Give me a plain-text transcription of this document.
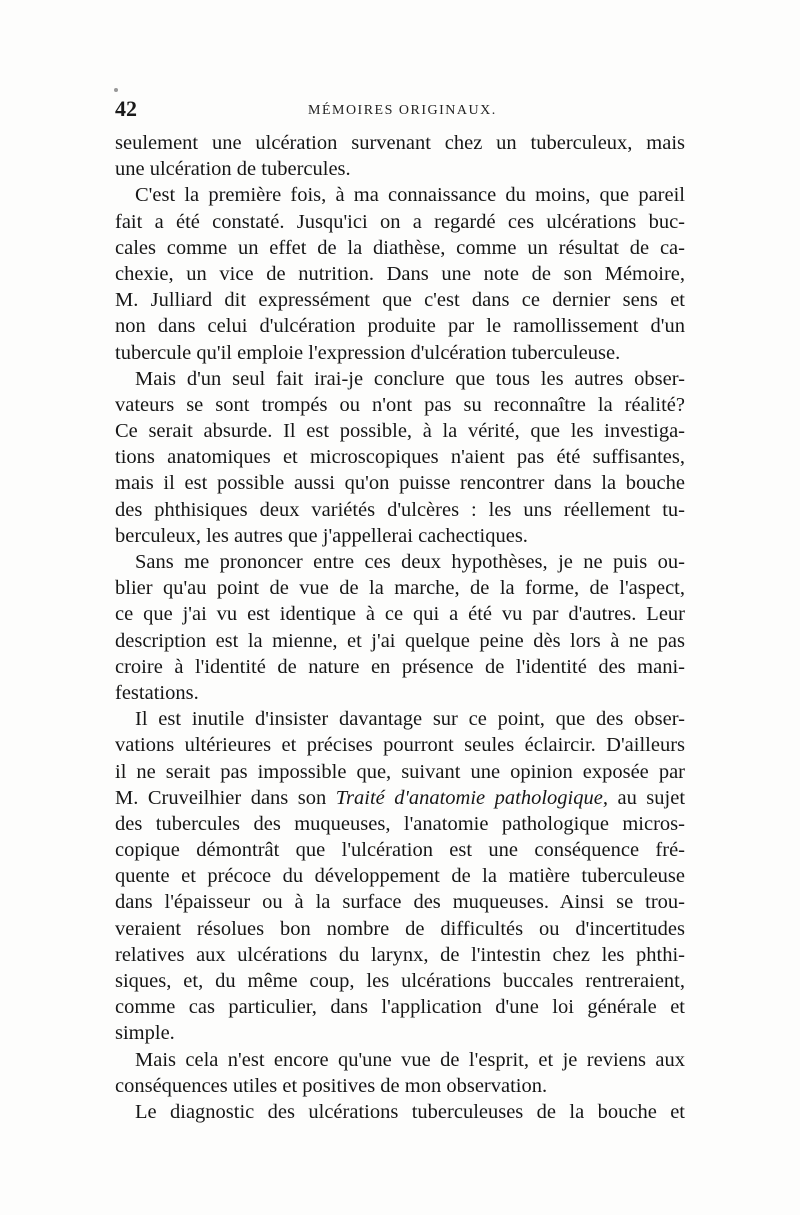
42	MÉMOIRES ORIGINAUX.
seulement une ulcération survenant chez un tuberculeux, mais
une ulcération de tubercules.
C'est la première fois, à ma connaissance du moins, que pareil
fait a été constaté. Jusqu'ici on a regardé ces ulcérations buc-
cales comme un effet de la diathèse, comme un résultat de ca-
chexie, un vice de nutrition. Dans une note de son Mémoire,
M. Julliard dit expressément que c'est dans ce dernier sens et
non dans celui d'ulcération produite par le ramollissement d'un
tubercule qu'il emploie l'expression d'ulcération tuberculeuse.
Mais d'un seul fait irai-je conclure que tous les autres obser-
vateurs se sont trompés ou n'ont pas su reconnaître la réalité?
Ce serait absurde. Il est possible, à la vérité, que les investiga-
tions anatomiques et microscopiques n'aient pas été suffisantes,
mais il est possible aussi qu'on puisse rencontrer dans la bouche
des phthisiques deux variétés d'ulcères : les uns réellement tu-
berculeux, les autres que j'appellerai cachectiques.
Sans me prononcer entre ces deux hypothèses, je ne puis ou-
blier qu'au point de vue de la marche, de la forme, de l'aspect,
ce que j'ai vu est identique à ce qui a été vu par d'autres. Leur
description est la mienne, et j'ai quelque peine dès lors à ne pas
croire à l'identité de nature en présence de l'identité des mani-
festations.
Il est inutile d'insister davantage sur ce point, que des obser-
vations ultérieures et précises pourront seules éclaircir. D'ailleurs
il ne serait pas impossible que, suivant une opinion exposée par
M. Cruveilhier dans son Traité d'anatomie pathologique, au sujet
des tubercules des muqueuses, l'anatomie pathologique micros-
copique démontrât que l'ulcération est une conséquence fré-
quente et précoce du développement de la matière tuberculeuse
dans l'épaisseur ou à la surface des muqueuses. Ainsi se trou-
veraient résolues bon nombre de difficultés ou d'incertitudes
relatives aux ulcérations du larynx, de l'intestin chez les phthi-
siques, et, du même coup, les ulcérations buccales rentreraient,
comme cas particulier, dans l'application d'une loi générale et
simple.
Mais cela n'est encore qu'une vue de l'esprit, et je reviens aux
conséquences utiles et positives de mon observation.
Le diagnostic des ulcérations tuberculeuses de la bouche et
